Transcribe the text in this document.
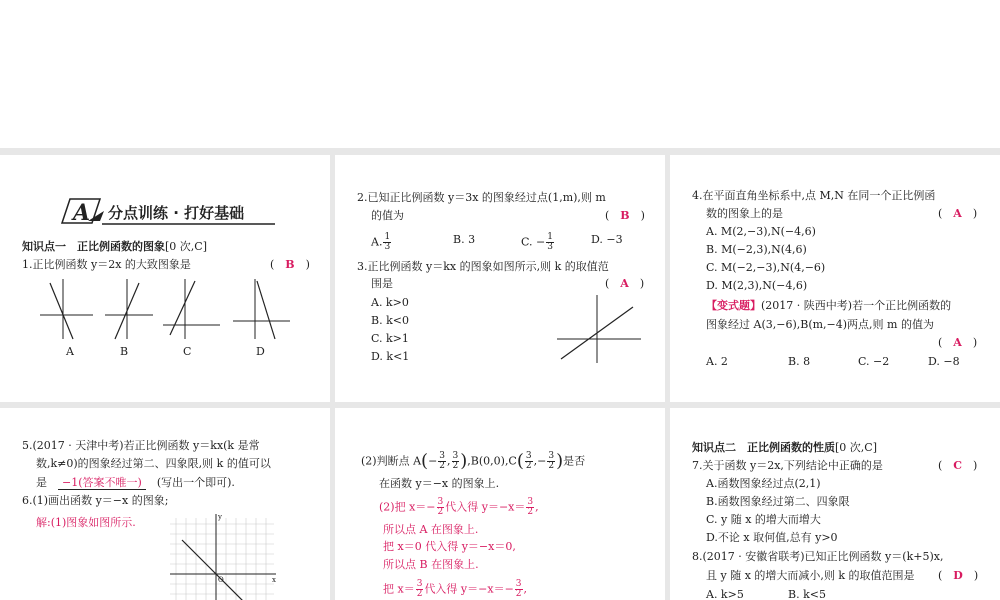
A 分点训练 · 打好基础
知识点一　正比例函数的图象[0 次,C]
1.正比例函数 y＝2x 的大致图象是	(　B　)
A	B	C	D
2.已知正比例函数 y＝3x 的图象经过点(1,m),则 m
的值为	(　B　)
A. $\frac{1}{3}$	B. 3	C. − $\frac{1}{3}$	D. −3
3.正比例函数 y＝kx 的图象如图所示,则 k 的取值范
围是	(　A　)
A. k>0
B. k<0
C. k>1
D. k<1
4.在平面直角坐标系中,点 M,N 在同一个正比例函
数的图象上的是	(　A　)
A. M(2,−3),N(−4,6)
B. M(−2,3),N(4,6)
C. M(−2,−3),N(4,−6)
D. M(2,3),N(−4,6)
【变式题】(2017 · 陕西中考)若一个正比例函数的
图象经过 A(3,−6),B(m,−4)两点,则 m 的值为
(　A　)
A. 2	B. 8	C. −2	D. −8
5.(2017 · 天津中考)若正比例函数 y＝kx(k 是常
数,k≠0)的图象经过第二、四象限,则 k 的值可以
是　 −1(答案不唯一)　 (写出一个即可).
6.(1)画出函数 y＝−x 的图象;
解:(1)图象如图所示.	y
x
O
(2)判断点 $A(- \frac{3}{2}$ , $\frac{3}{2} ),B(0,0),C( \frac{3}{2}$ ,− $\frac{3}{2}$ )是否
在函数 y＝−x 的图象上.
(2)把 $x=- \frac{3}{2}$ 代入得 $y=-x= \frac{3}{2}$ ,
所以点 A 在图象上.
把 x＝0 代入得 y＝−x＝0,
所以点 B 在图象上.
把 $x= \frac{3}{2}$ 代入得 $y=-x=- \frac{3}{2}$ ,
知识点二　正比例函数的性质[0 次,C]
7.关于函数 y＝2x,下列结论中正确的是	(　C　)
A.函数图象经过点(2,1)
B.函数图象经过第二、四象限
C. y 随 x 的增大而增大
D.不论 x 取何值,总有 y>0
8.(2017 · 安徽省联考)已知正比例函数 y＝(k+5)x,
且 y 随 x 的增大而减小,则 k 的取值范围是 (　D　)
A. k>5	B. k<5
